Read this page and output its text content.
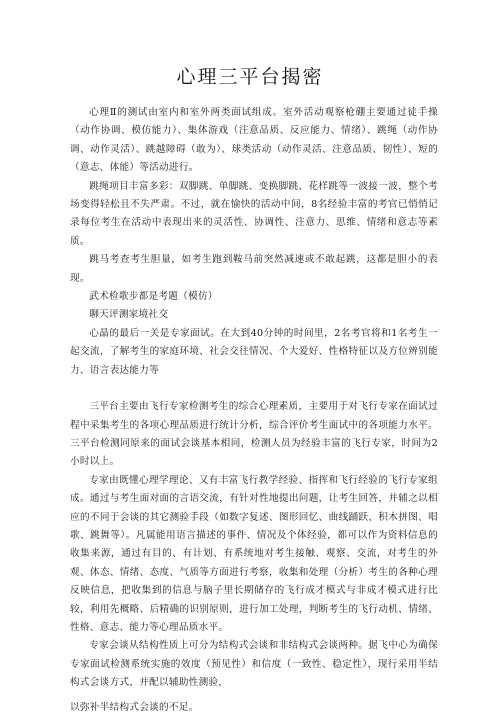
心理三平台揭密

心理Ⅱ的测试由室内和室外两类面试组成。室外活动观察枪硼主要通过徒手操（动作协调、模仿能力）、集体游戏（注意品质、反应能力、情绪）、跳绳（动作协调、动作灵活）、跳越障碍（敢为）、球类活动（动作灵活、注意品质、韧性）、短的（意志、体能）等活动进行。

跳绳项目丰富多彩：双脚跳、单脚跳、变换脚跳、花样跳等一波接一波，整个考场变得轻松且不失严肃。不过，就在愉快的活动中间，8名经验丰富的考官已悄悄记录每位考生在活动中表现出来的灵活性、协调性、注意力、思维、情绪和意志等素质。

跳马考查考生胆量，如考生跑到鞍马前突然减速或不敢起跳，这都是胆小的表现。

武术检歌步都是考题（模仿）

聊天评测家境社交

心晶的最后一关是专家面试。在大到40分钟的时间里，2名考官将和1名考生一起交流，了解考生的家庭环境、社会交往情况、个大爱好、性格特征以及方位辨别能力、语言表达能力等

三平台主要由飞行专家检测考生的综合心理素质，主要用于对飞行专家在面试过程中采集考生的各项心理品质进行统计分析，综合评价考生面试中的各项能力水平。三平台检测同原来的面试会谈基本相同，检测人员为经验丰富的飞行专家，时间为2小时以上。

专家由既懂心理学理论、又有丰富飞行教学经验、指挥和飞行经验的飞行专家组成。通过与考生面对面的言语交流，有针对性地提出问题，让考生回答，并辅之以相应的不同于会谈的其它测验手段（如数字复述、图形回忆、曲线踊跃、积木拼图、唱歌、跳舞等）。凡属能用语言描述的事件、情况及个体经验，都可以作为资料信息的收集来源，通过有目的、有计划、有系统地对考生接触、观察、交流，对考生的外观、体态、情绪、态度、气质等方面进行考察，收集和处理（分析）考生的各种心理反映信息，把收集到的信息与脑子里长期储存的飞行成才模式与非成才模式进行比较，利用先概略、后精确的识别原则，进行加工处理，判断考生的飞行动机、情绪、性格、意志、能力等心理品质水平。

专家会谈从结构性质上可分为结构式会谈和非结构式会谈两种。据飞中心为确保专家面试检测系统实施的效度（预见性）和信度（一致性、稳定性），现行采用半结构式会谈方式，并配以辅助性测验，

以弥补半结构式会谈的不足。
